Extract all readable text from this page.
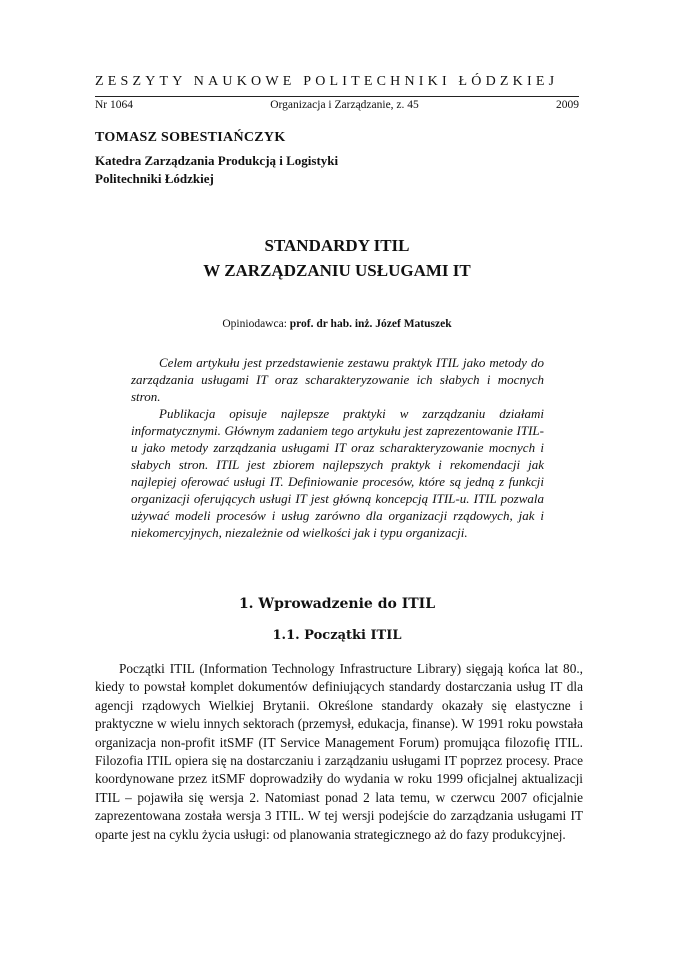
ZESZYTY NAUKOWE POLITECHNIKI ŁÓDZKIEJ
Nr 1064	Organizacja i Zarządzanie, z. 45	2009
TOMASZ SOBESTIAŃCZYK
Katedra Zarządzania Produkcją i Logistyki
Politechniki Łódzkiej
STANDARDY ITIL
W ZARZĄDZANIU USŁUGAMI IT
Opiniodawca: prof. dr hab. inż. Józef Matuszek

Celem artykułu jest przedstawienie zestawu praktyk ITIL jako metody do zarządzania usługami IT oraz scharakteryzowanie ich słabych i mocnych stron.

Publikacja opisuje najlepsze praktyki w zarządzaniu działami informatycznymi. Głównym zadaniem tego artykułu jest zaprezentowanie ITIL-u jako metody zarządzania usługami IT oraz scharakteryzowanie mocnych i słabych stron. ITIL jest zbiorem najlepszych praktyk i rekomendacji jak najlepiej oferować usługi IT. Definiowanie procesów, które są jedną z funkcji organizacji oferujących usługi IT jest główną koncepcją ITIL-u. ITIL pozwala używać modeli procesów i usług zarówno dla organizacji rządowych, jak i niekomercyjnych, niezależnie od wielkości jak i typu organizacji.

1. Wprowadzenie do ITIL
1.1. Początki ITIL

Początki ITIL (Information Technology Infrastructure Library) sięgają końca lat 80., kiedy to powstał komplet dokumentów definiujących standardy dostarczania usług IT dla agencji rządowych Wielkiej Brytanii. Określone standardy okazały się elastyczne i praktyczne w wielu innych sektorach (przemysł, edukacja, finanse). W 1991 roku powstała organizacja non-profit itSMF (IT Service Management Forum) promująca filozofię ITIL. Filozofia ITIL opiera się na dostarczaniu i zarządzaniu usługami IT poprzez procesy. Prace koordynowane przez itSMF doprowadziły do wydania w roku 1999 oficjalnej aktualizacji ITIL – pojawiła się wersja 2. Natomiast ponad 2 lata temu, w czerwcu 2007 oficjalnie zaprezentowana została wersja 3 ITIL. W tej wersji podejście do zarządzania usługami IT oparte jest na cyklu życia usługi: od planowania strategicznego aż do fazy produkcyjnej.
